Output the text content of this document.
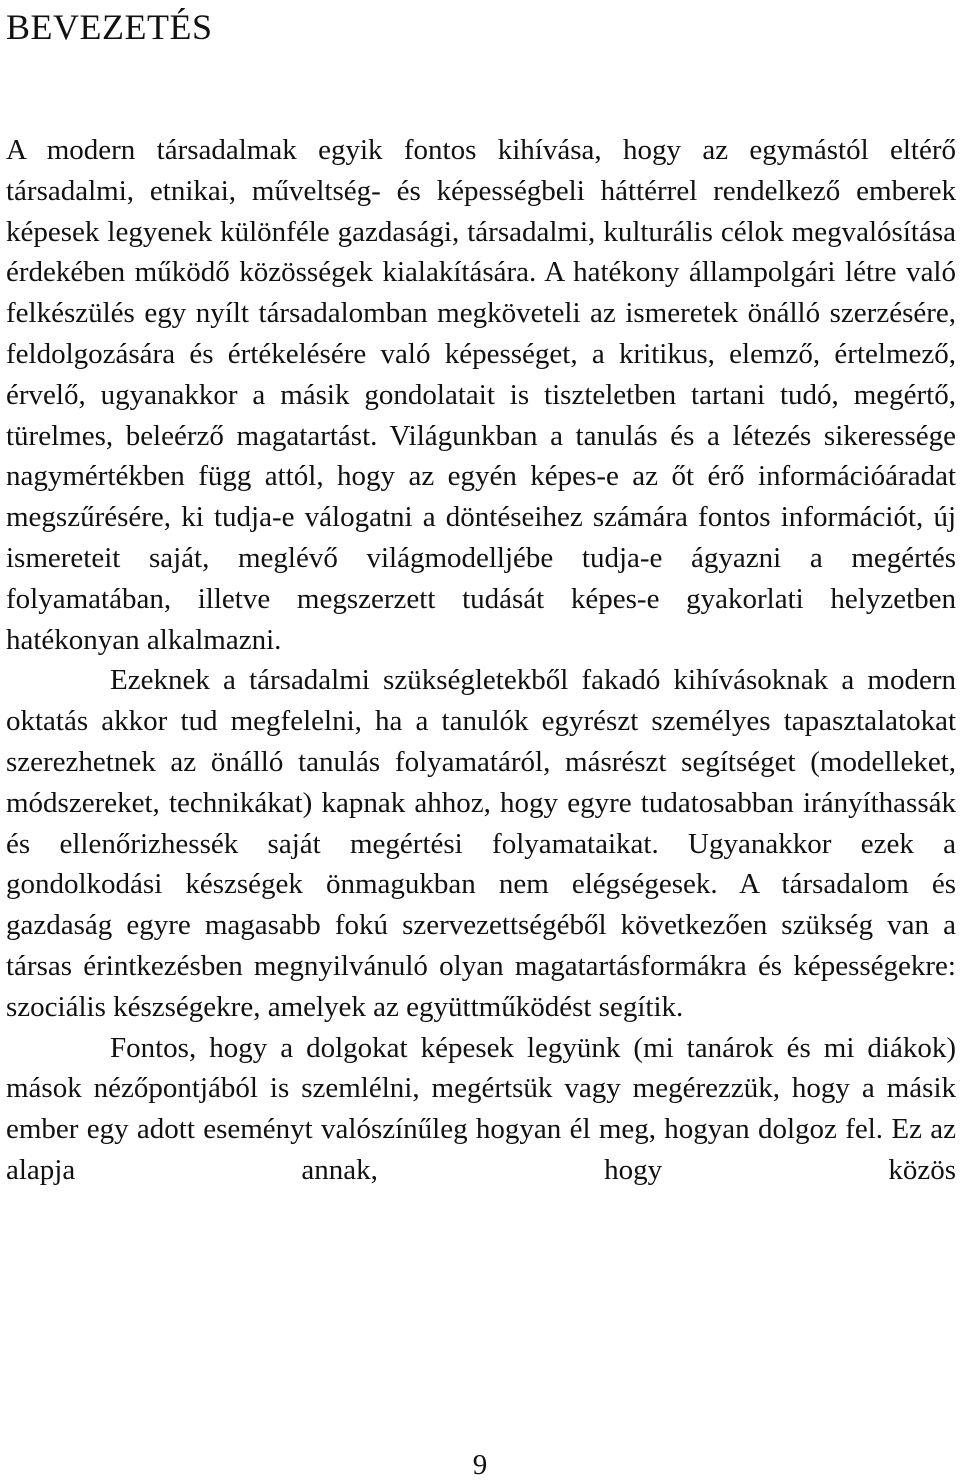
BEVEZETÉS

A modern társadalmak egyik fontos kihívása, hogy az egymástól eltérő társadalmi, etnikai, műveltség- és képességbeli háttérrel rendelkező emberek képesek legyenek különféle gazdasági, társadalmi, kulturális célok megvalósítása érdekében működő közösségek kialakítására. A hatékony állampolgári létre való felkészülés egy nyílt társadalomban megköveteli az ismeretek önálló szerzésére, feldolgozására és értékelésére való képességet, a kritikus, elemző, értelmező, érvelő, ugyanakkor a másik gondolatait is tiszteletben tartani tudó, megértő, türelmes, beleérző magatartást. Világunkban a tanulás és a létezés sikeressége nagymértékben függ attól, hogy az egyén képes-e az őt érő információáradat megszűrésére, ki tudja-e válogatni a döntéseihez számára fontos információt, új ismereteit saját, meglévő világmodelljébe tudja-e ágyazni a megértés folyamatában, illetve megszerzett tudását képes-e gyakorlati helyzetben hatékonyan alkalmazni.

Ezeknek a társadalmi szükségletekből fakadó kihívásoknak a modern oktatás akkor tud megfelelni, ha a tanulók egyrészt személyes tapasztalatokat szerezhetnek az önálló tanulás folyamatáról, másrészt segítséget (modelleket, módszereket, technikákat) kapnak ahhoz, hogy egyre tudatosabban irányíthassák és ellenőrizhessék saját megértési folyamataikat. Ugyanakkor ezek a gondolkodási készségek önmagukban nem elégségesek. A társadalom és gazdaság egyre magasabb fokú szervezettségéből következően szükség van a társas érintkezésben megnyilvánuló olyan magatartásformákra és képességekre: szociális készségekre, amelyek az együttműködést segítik.

Fontos, hogy a dolgokat képesek legyünk (mi tanárok és mi diákok) mások nézőpontjából is szemlélni, megértsük vagy megérezzük, hogy a másik ember egy adott eseményt valószínűleg hogyan él meg, hogyan dolgoz fel. Ez az alapja annak, hogy közös

9
